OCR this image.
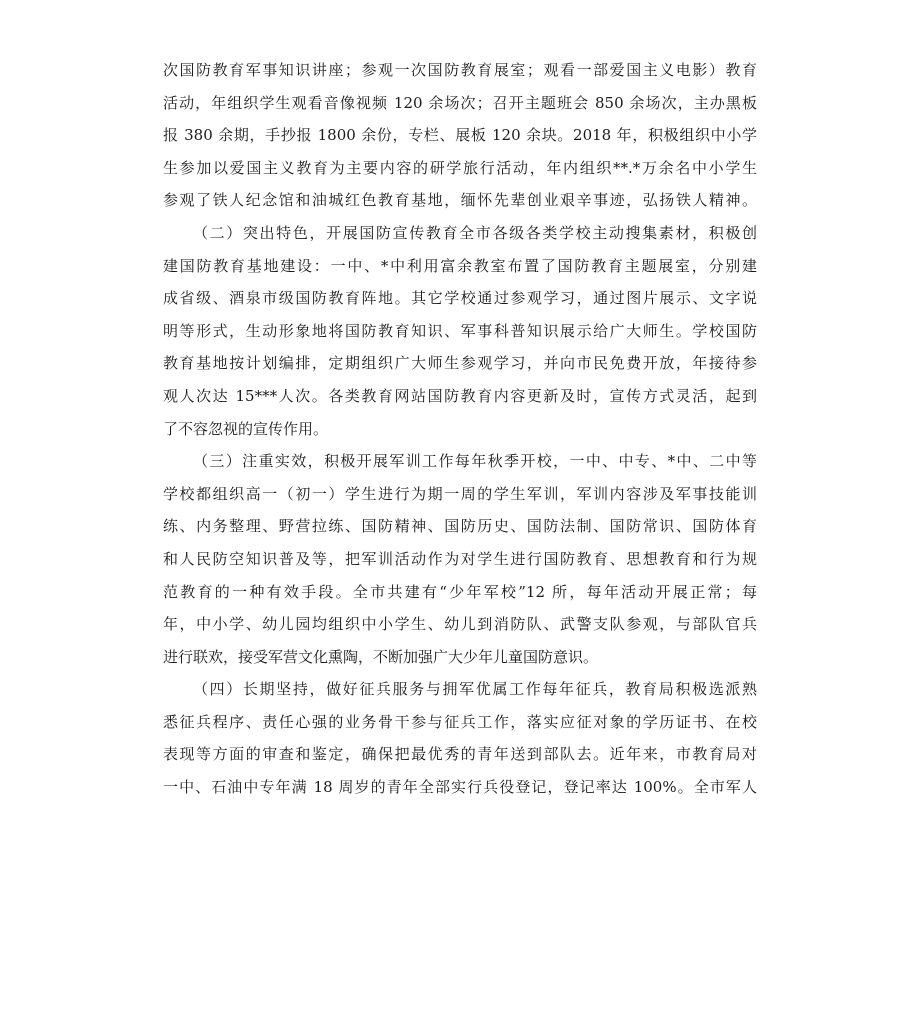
次国防教育军事知识讲座；参观一次国防教育展室；观看一部爱国主义电影）教育
活动，年组织学生观看音像视频 120 余场次；召开主题班会 850 余场次，主办黑板
报 380 余期，手抄报 1800 余份，专栏、展板 120 余块。2018 年，积极组织中小学
生参加以爱国主义教育为主要内容的研学旅行活动，年内组织**.*万余名中小学生
参观了铁人纪念馆和油城红色教育基地，缅怀先辈创业艰辛事迹，弘扬铁人精神。
（二）突出特色，开展国防宣传教育全市各级各类学校主动搜集素材，积极创
建国防教育基地建设：一中、*中利用富余教室布置了国防教育主题展室，分别建
成省级、酒泉市级国防教育阵地。其它学校通过参观学习，通过图片展示、文字说
明等形式，生动形象地将国防教育知识、军事科普知识展示给广大师生。学校国防
教育基地按计划编排，定期组织广大师生参观学习，并向市民免费开放，年接待参
观人次达 15***人次。各类教育网站国防教育内容更新及时，宣传方式灵活，起到
了不容忽视的宣传作用。
（三）注重实效，积极开展军训工作每年秋季开校，一中、中专、*中、二中等
学校都组织高一（初一）学生进行为期一周的学生军训，军训内容涉及军事技能训
练、内务整理、野营拉练、国防精神、国防历史、国防法制、国防常识、国防体育
和人民防空知识普及等，把军训活动作为对学生进行国防教育、思想教育和行为规
范教育的一种有效手段。全市共建有“少年军校”12 所，每年活动开展正常；每
年，中小学、幼儿园均组织中小学生、幼儿到消防队、武警支队参观，与部队官兵
进行联欢，接受军营文化熏陶，不断加强广大少年儿童国防意识。
（四）长期坚持，做好征兵服务与拥军优属工作每年征兵，教育局积极选派熟
悉征兵程序、责任心强的业务骨干参与征兵工作，落实应征对象的学历证书、在校
表现等方面的审查和鉴定，确保把最优秀的青年送到部队去。近年来，市教育局对
一中、石油中专年满 18 周岁的青年全部实行兵役登记，登记率达 100%。全市军人
